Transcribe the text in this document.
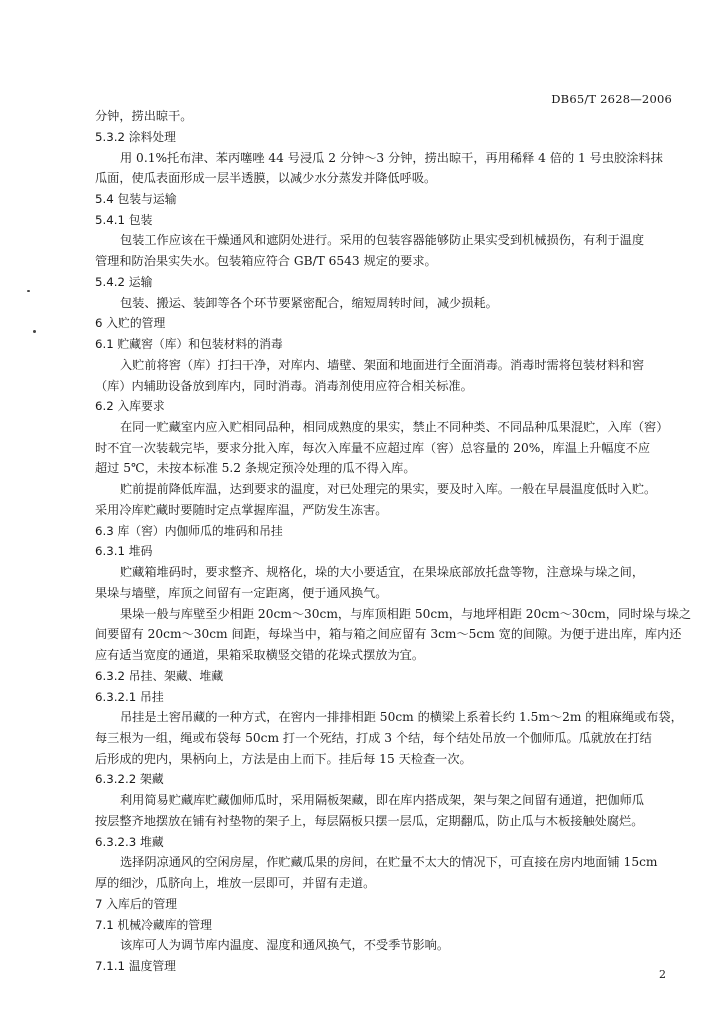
DB65/T 2628—2006
分钟，捞出晾干。
5.3.2 涂料处理
用 0.1%托布津、苯丙噻唑 44 号浸瓜 2 分钟～3 分钟，捞出晾干，再用稀释 4 倍的 1 号虫胶涂料抹
瓜面，使瓜表面形成一层半透膜，以减少水分蒸发并降低呼吸。
5.4 包装与运输
5.4.1 包装
包装工作应该在干燥通风和遮阴处进行。采用的包装容器能够防止果实受到机械损伤，有利于温度
管理和防治果实失水。包装箱应符合 GB/T 6543 规定的要求。
5.4.2 运输
包装、搬运、装卸等各个环节要紧密配合，缩短周转时间，减少损耗。
6 入贮的管理
6.1 贮藏窖（库）和包装材料的消毒
入贮前将窖（库）打扫干净，对库内、墙壁、架面和地面进行全面消毒。消毒时需将包装材料和窖
（库）内辅助设备放到库内，同时消毒。消毒剂使用应符合相关标准。
6.2 入库要求
在同一贮藏室内应入贮相同品种，相同成熟度的果实，禁止不同种类、不同品种瓜果混贮，入库（窖）
时不宜一次装载完毕，要求分批入库，每次入库量不应超过库（窖）总容量的 20%，库温上升幅度不应
超过 5℃，未按本标准 5.2 条规定预冷处理的瓜不得入库。
贮前提前降低库温，达到要求的温度，对已处理完的果实，要及时入库。一般在早晨温度低时入贮。
采用冷库贮藏时要随时定点掌握库温，严防发生冻害。
6.3 库（窖）内伽师瓜的堆码和吊挂
6.3.1 堆码
贮藏箱堆码时，要求整齐、规格化，垛的大小要适宜，在果垛底部放托盘等物，注意垛与垛之间，
果垛与墙壁，库顶之间留有一定距离，便于通风换气。
果垛一般与库壁至少相距 20cm～30cm，与库顶相距 50cm，与地坪相距 20cm～30cm，同时垛与垛之
间要留有 20cm～30cm 间距，每垛当中，箱与箱之间应留有 3cm～5cm 宽的间隙。为便于进出库，库内还
应有适当宽度的通道，果箱采取横竖交错的花垛式摆放为宜。
6.3.2 吊挂、架藏、堆藏
6.3.2.1 吊挂
吊挂是土窖吊藏的一种方式，在窖内一排排相距 50cm 的横梁上系着长约 1.5m～2m 的粗麻绳或布袋，
每三根为一组，绳或布袋每 50cm 打一个死结，打成 3 个结，每个结处吊放一个伽师瓜。瓜就放在打结
后形成的兜内，果柄向上，方法是由上而下。挂后每 15 天检查一次。
6.3.2.2 架藏
利用简易贮藏库贮藏伽师瓜时，采用隔板架藏，即在库内搭成架，架与架之间留有通道，把伽师瓜
按层整齐地摆放在铺有衬垫物的架子上，每层隔板只摆一层瓜，定期翻瓜，防止瓜与木板接触处腐烂。
6.3.2.3 堆藏
选择阴凉通风的空闲房屋，作贮藏瓜果的房间，在贮量不太大的情况下，可直接在房内地面铺 15cm
厚的细沙，瓜脐向上，堆放一层即可，并留有走道。
7 入库后的管理
7.1 机械冷藏库的管理
该库可人为调节库内温度、湿度和通风换气，不受季节影响。
7.1.1 温度管理
2
